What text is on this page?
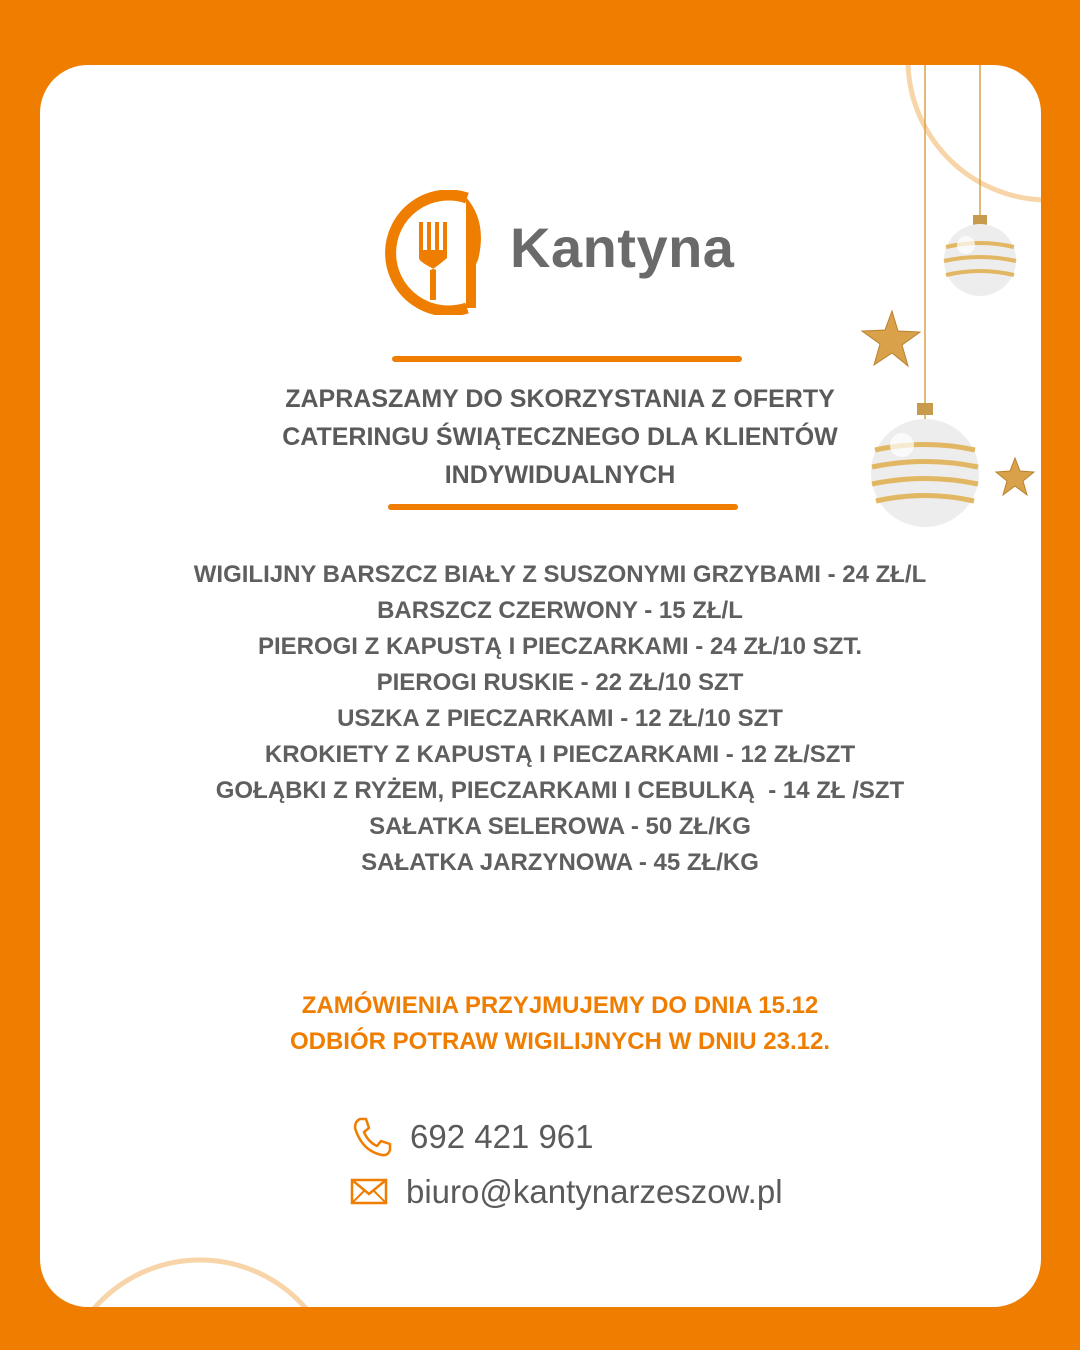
Kantyna
ZAPRASZAMY DO SKORZYSTANIA Z OFERTY
CATERINGU ŚWIĄTECZNEGO DLA KLIENTÓW
INDYWIDUALNYCH
WIGILIJNY BARSZCZ BIAŁY Z SUSZONYMI GRZYBAMI - 24 ZŁ/L
BARSZCZ CZERWONY - 15 ZŁ/L
PIEROGI Z KAPUSTĄ I PIECZARKAMI - 24 ZŁ/10 SZT.
PIEROGI RUSKIE - 22 ZŁ/10 SZT
USZKA Z PIECZARKAMI - 12 ZŁ/10 SZT
KROKIETY Z KAPUSTĄ I PIECZARKAMI - 12 ZŁ/SZT
GOŁĄBKI Z RYŻEM, PIECZARKAMI I CEBULKĄ  - 14 ZŁ /SZT
SAŁATKA SELEROWA - 50 ZŁ/KG
SAŁATKA JARZYNOWA - 45 ZŁ/KG
ZAMÓWIENIA PRZYJMUJEMY DO DNIA 15.12
ODBIÓR POTRAW WIGILIJNYCH W DNIU 23.12.
692 421 961
biuro@kantynarzeszow.pl
